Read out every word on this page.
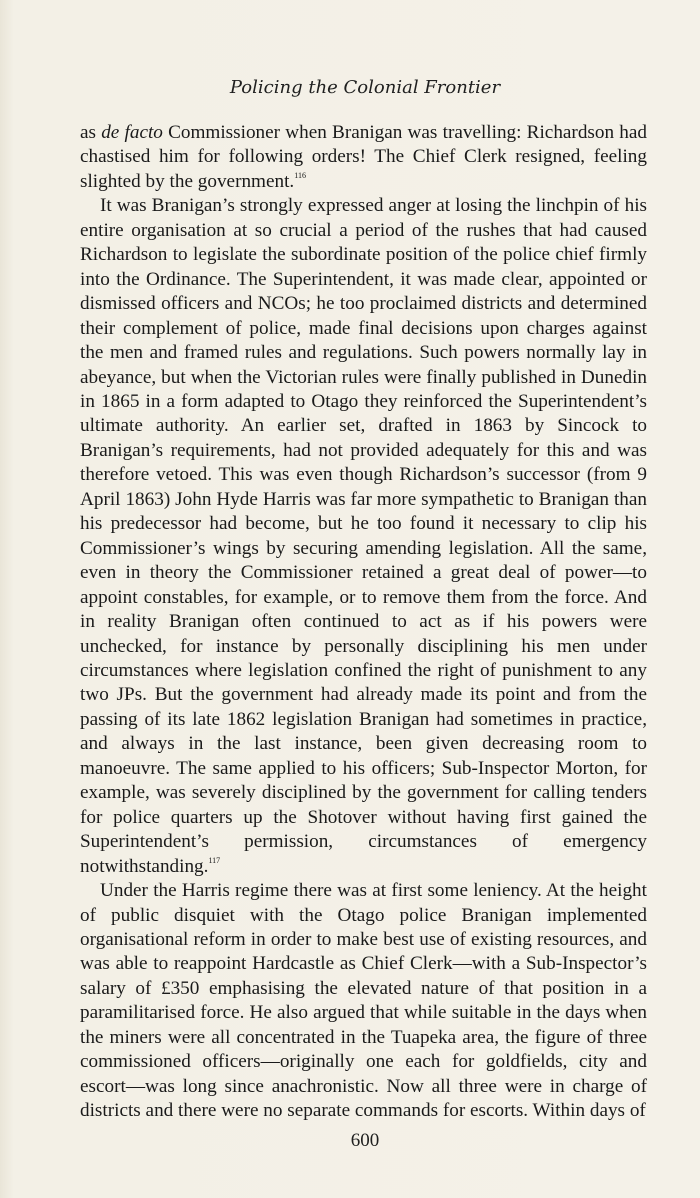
Policing the Colonial Frontier

as de facto Commissioner when Branigan was travelling: Richardson had chastised him for following orders! The Chief Clerk resigned, feeling slighted by the government.$^{116}$

It was Branigan’s strongly expressed anger at losing the linchpin of his entire organisation at so crucial a period of the rushes that had caused Richardson to legislate the subordinate position of the police chief firmly into the Ordinance. The Superintendent, it was made clear, appointed or dismissed officers and NCOs; he too proclaimed districts and determined their complement of police, made final decisions upon charges against the men and framed rules and regulations. Such powers normally lay in abeyance, but when the Victorian rules were finally published in Dunedin in 1865 in a form adapted to Otago they reinforced the Superintendent’s ultimate authority. An earlier set, drafted in 1863 by Sincock to Branigan’s requirements, had not provided adequately for this and was therefore vetoed. This was even though Richardson’s successor (from 9 April 1863) John Hyde Harris was far more sympathetic to Branigan than his predecessor had become, but he too found it necessary to clip his Commissioner’s wings by securing amending legislation. All the same, even in theory the Commissioner retained a great deal of power—to appoint constables, for example, or to remove them from the force. And in reality Branigan often continued to act as if his powers were unchecked, for instance by personally disciplining his men under circumstances where legislation confined the right of punishment to any two JPs. But the government had already made its point and from the passing of its late 1862 legislation Branigan had sometimes in practice, and always in the last instance, been given decreasing room to manoeuvre. The same applied to his officers; Sub-Inspector Morton, for example, was severely disciplined by the government for calling tenders for police quarters up the Shotover without having first gained the Superintendent’s permission, circumstances of emergency notwithstanding.$^{117}$

Under the Harris regime there was at first some leniency. At the height of public disquiet with the Otago police Branigan implemented organisational reform in order to make best use of existing resources, and was able to reappoint Hardcastle as Chief Clerk—with a Sub-Inspector’s salary of £350 emphasising the elevated nature of that position in a paramilitarised force. He also argued that while suitable in the days when the miners were all concentrated in the Tuapeka area, the figure of three commissioned officers—originally one each for goldfields, city and escort—was long since anachronistic. Now all three were in charge of districts and there were no separate commands for escorts. Within days of

600
